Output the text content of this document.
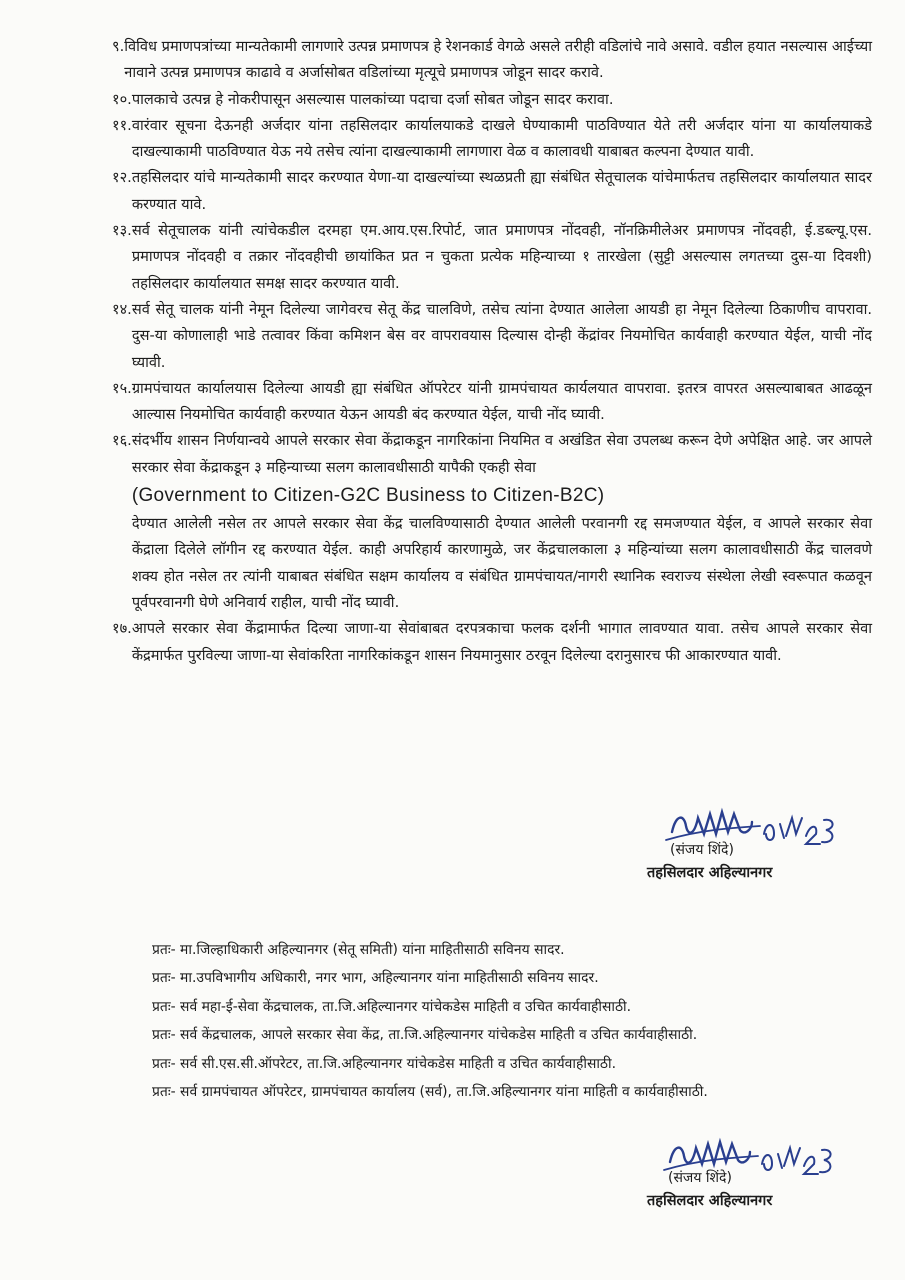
९. विविध प्रमाणपत्रांच्या मान्यतेकामी लागणारे उत्पन्न प्रमाणपत्र हे रेशनकार्ड वेगळे असले तरीही वडिलांचे नावे असावे. वडील हयात नसल्यास आईच्या नावाने उत्पन्न प्रमाणपत्र काढावे व अर्जासोबत वडिलांच्या मृत्यूचे प्रमाणपत्र जोडून सादर करावे.
१०. पालकाचे उत्पन्न हे नोकरीपासून असल्यास पालकांच्या पदाचा दर्जा सोबत जोडून सादर करावा.
११. वारंवार सूचना देऊनही अर्जदार यांना तहसिलदार कार्यालयाकडे दाखले घेण्याकामी पाठविण्यात येते तरी अर्जदार यांना या कार्यालयाकडे दाखल्याकामी पाठविण्यात येऊ नये तसेच त्यांना दाखल्याकामी लागणारा वेळ व कालावधी याबाबत कल्पना देण्यात यावी.
१२. तहसिलदार यांचे मान्यतेकामी सादर करण्यात येणा-या दाखल्यांच्या स्थळप्रती ह्या संबंधित सेतूचालक यांचेमार्फतच तहसिलदार कार्यालयात सादर करण्यात यावे.
१३. सर्व सेतूचालक यांनी त्यांचेकडील दरमहा एम.आय.एस.रिपोर्ट, जात प्रमाणपत्र नोंदवही, नॉनक्रिमीलेअर प्रमाणपत्र नोंदवही, ई.डब्ल्यू.एस. प्रमाणपत्र नोंदवही व तक्रार नोंदवहीची छायांकित प्रत न चुकता प्रत्येक महिन्याच्या १ तारखेला (सुट्टी असल्यास लगतच्या दुस-या दिवशी) तहसिलदार कार्यालयात समक्ष सादर करण्यात यावी.
१४. सर्व सेतू चालक यांनी नेमून दिलेल्या जागेवरच सेतू केंद्र चालविणे, तसेच त्यांना देण्यात आलेला आयडी हा नेमून दिलेल्या ठिकाणीच वापरावा. दुस-या कोणालाही भाडे तत्वावर किंवा कमिशन बेस वर वापरावयास दिल्यास दोन्ही केंद्रांवर नियमोचित कार्यवाही करण्यात येईल, याची नोंद घ्यावी.
१५. ग्रामपंचायत कार्यालयास दिलेल्या आयडी ह्या संबंधित ऑपरेटर यांनी ग्रामपंचायत कार्यलयात वापरावा. इतरत्र वापरत असल्याबाबत आढळून आल्यास नियमोचित कार्यवाही करण्यात येऊन आयडी बंद करण्यात येईल, याची नोंद घ्यावी.
१६. संदर्भीय शासन निर्णयान्वये आपले सरकार सेवा केंद्राकडून नागरिकांना नियमित व अखंडित सेवा उपलब्ध करून देणे अपेक्षित आहे. जर आपले सरकार सेवा केंद्राकडून ३ महिन्याच्या सलग कालावधीसाठी यापैकी एकही सेवा
(Government to Citizen-G2C Business to Citizen-B2C)
देण्यात आलेली नसेल तर आपले सरकार सेवा केंद्र चालविण्यासाठी देण्यात आलेली परवानगी रद्द समजण्यात येईल, व आपले सरकार सेवा केंद्राला दिलेले लॉगीन रद्द करण्यात येईल. काही अपरिहार्य कारणामुळे, जर केंद्रचालकाला ३ महिन्यांच्या सलग कालावधीसाठी केंद्र चालवणे शक्य होत नसेल तर त्यांनी याबाबत संबंधित सक्षम कार्यालय व संबंधित ग्रामपंचायत/नागरी स्थानिक स्वराज्य संस्थेला लेखी स्वरूपात कळवून पूर्वपरवानगी घेणे अनिवार्य राहील, याची नोंद घ्यावी.
१७. आपले सरकार सेवा केंद्रामार्फत दिल्या जाणा-या सेवांबाबत दरपत्रकाचा फलक दर्शनी भागात लावण्यात यावा. तसेच आपले सरकार सेवा केंद्रमार्फत पुरविल्या जाणा-या सेवांकरिता नागरिकांकडून शासन नियमानुसार ठरवून दिलेल्या दरानुसारच फी आकारण्यात यावी.
(संजय शिंदे)
तहसिलदार अहिल्यानगर
प्रतः- मा.जिल्हाधिकारी अहिल्यानगर (सेतू समिती) यांना माहितीसाठी सविनय सादर.
प्रतः- मा.उपविभागीय अधिकारी, नगर भाग, अहिल्यानगर यांना माहितीसाठी सविनय सादर.
प्रतः- सर्व महा-ई-सेवा केंद्रचालक, ता.जि.अहिल्यानगर यांचेकडेस माहिती व उचित कार्यवाहीसाठी.
प्रतः- सर्व केंद्रचालक, आपले सरकार सेवा केंद्र, ता.जि.अहिल्यानगर यांचेकडेस माहिती व उचित कार्यवाहीसाठी.
प्रतः- सर्व सी.एस.सी.ऑपरेटर, ता.जि.अहिल्यानगर यांचेकडेस माहिती व उचित कार्यवाहीसाठी.
प्रतः- सर्व ग्रामपंचायत ऑपरेटर, ग्रामपंचायत कार्यालय (सर्व), ता.जि.अहिल्यानगर यांना माहिती व कार्यवाहीसाठी.
(संजय शिंदे)
तहसिलदार अहिल्यानगर
